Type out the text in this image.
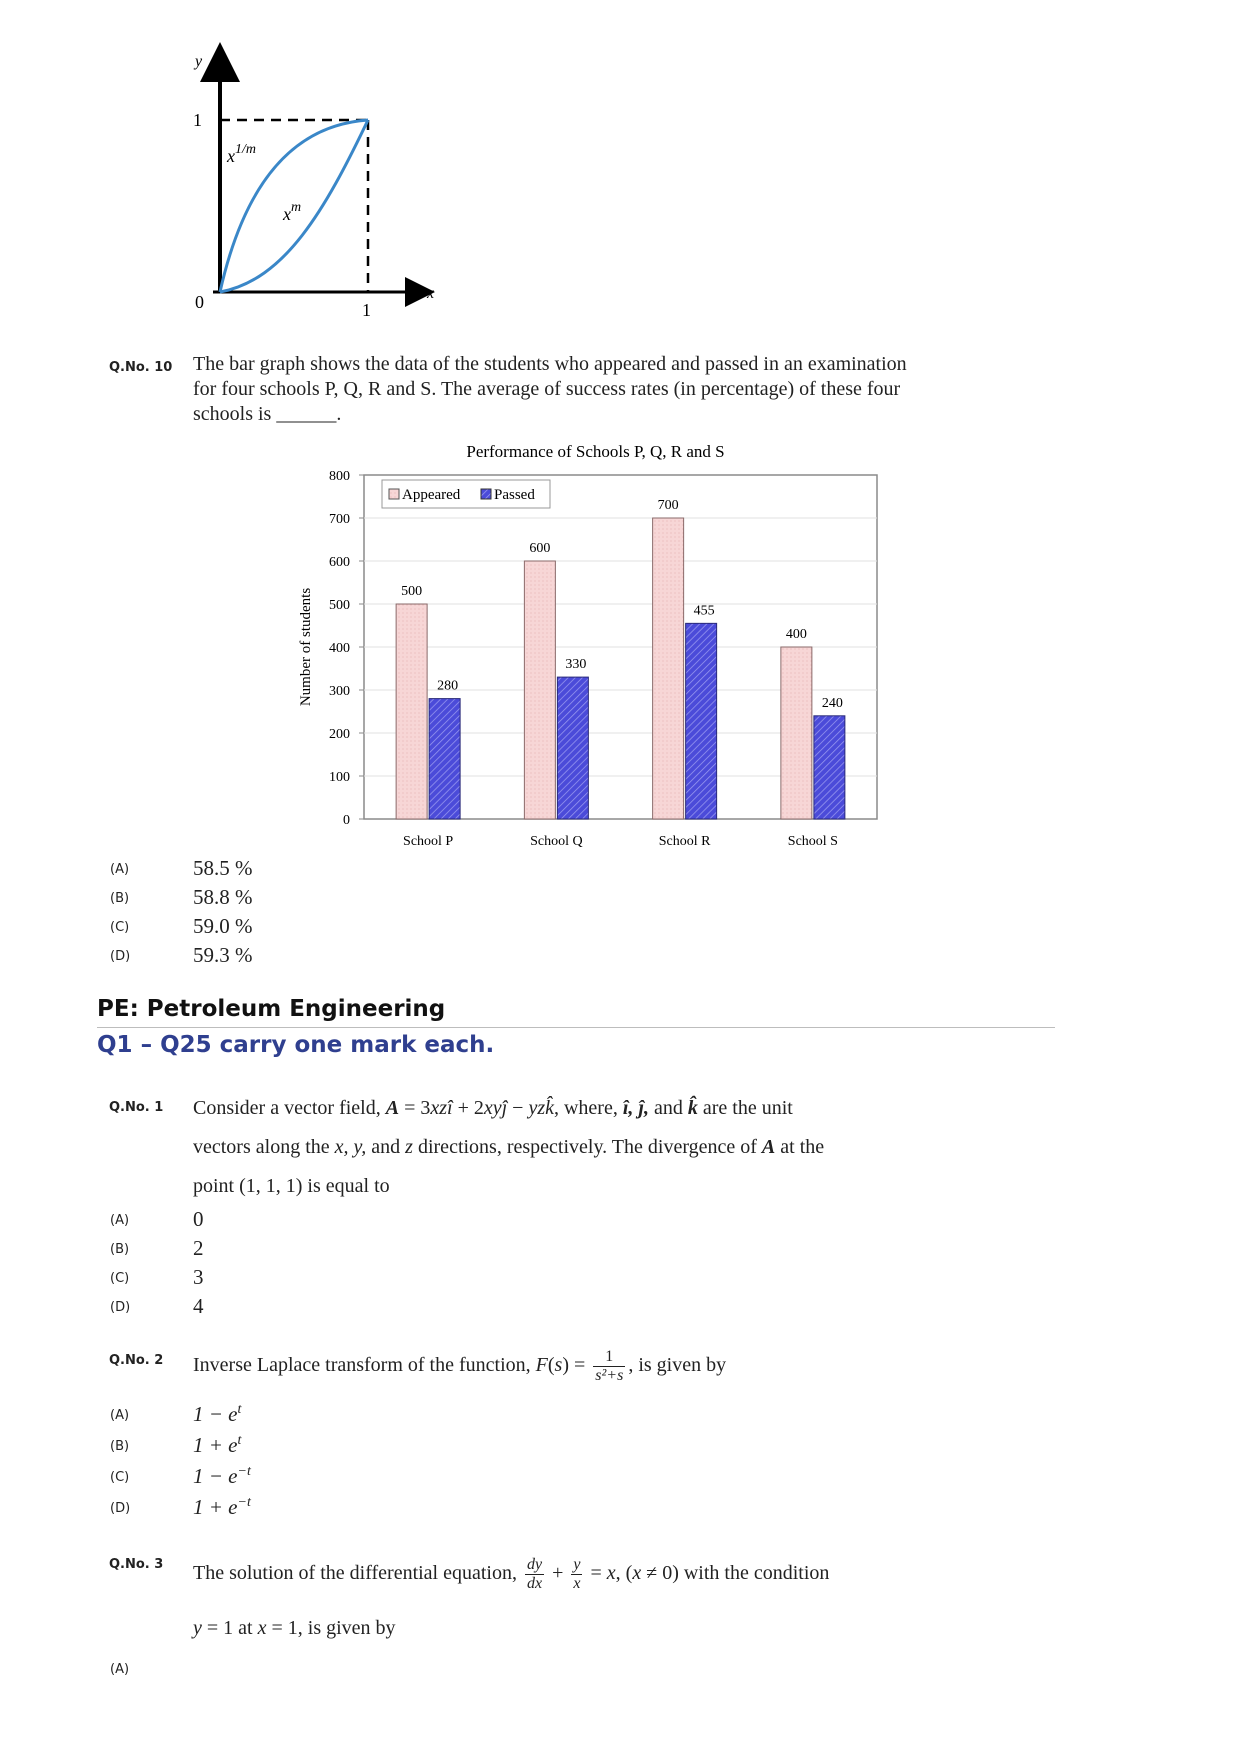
y
x
1
1
0
$x^{1/m}$
$x^m$
Q.No. 10 The bar graph shows the data of the students who appeared and passed in an examination
for four schools P, Q, R and S. The average of success rates (in percentage) of these four
schools is ______.
Performance of Schools P, Q, R and S
0
100
200
300
400
500
600
700
800
Number of students	500
280
School P
600
330
School Q
700
455
School R
400
240
School S
Appeared Passed
(A)	58.5 %
(B)	58.8 %
(C)	59.0 %
(D)	59.3 %
PE: Petroleum Engineering
Q1 – Q25 carry one mark each.
Q.No. 1 Consider a vector field, A = 3xzî + 2xyĵ − yzk̂, where, î, ĵ, and k̂ are the unit
vectors along the x, y, and z directions, respectively. The divergence of A at the
point (1, 1, 1) is equal to
(A)	0
(B)	2
(C)	3
(D)	4
Q.No. 2 Inverse Laplace transform of the function, $F(s) = \frac{1}{\text{s²+s}}$ , is given by
(A)	$1 - e^t$
(B)	$1 + e^t$
(C)	$1 - e^{-t}$
(D)	$1 + e^{-t}$
Q.No. 3 The solution of the differential equation, $\frac{dy}{dx} + \frac{y}{x} = x$, (x ≠ 0) with the condition
y = 1 at x = 1, is given by
(A)
